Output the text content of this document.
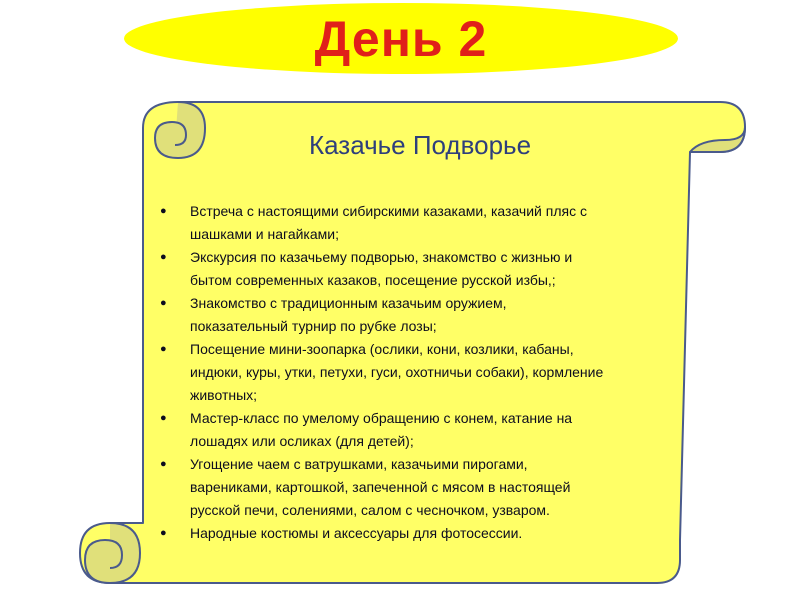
День 2
Казачье Подворье
● Встреча с настоящими сибирскими казаками, казачий пляс с
шашками и нагайками;
● Экскурсия по казачьему подворью, знакомство с жизнью и
бытом современных казаков, посещение русской избы,;
● Знакомство с традиционным казачьим оружием,
показательный турнир по рубке лозы;
● Посещение мини-зоопарка (ослики, кони, козлики, кабаны,
индюки, куры, утки, петухи, гуси, охотничьи собаки), кормление
животных;
● Мастер-класс по умелому обращению с конем, катание на
лошадях или осликах (для детей);
● Угощение чаем с ватрушками, казачьими пирогами,
варениками, картошкой, запеченной с мясом в настоящей
русской печи, солениями, салом с чесночком, узваром.
● Народные костюмы и аксессуары для фотосессии.
